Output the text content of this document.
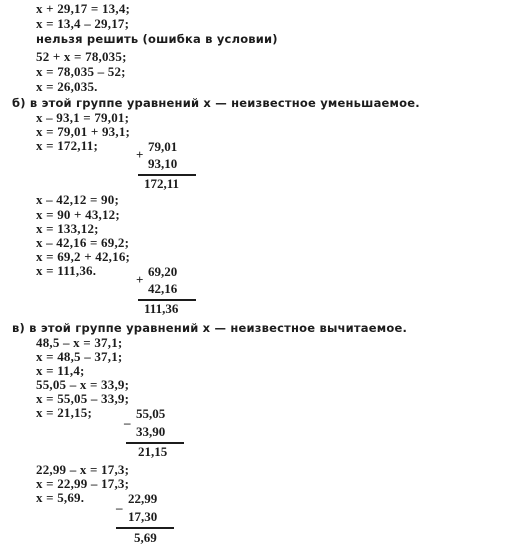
x + 29,17 = 13,4;
x = 13,4 – 29,17;
нельзя решить (ошибка в условии)
52 + x = 78,035;
x = 78,035 – 52;
x = 26,035.
б) в этой группе уравнений x — неизвестное уменьшаемое.
x – 93,1 = 79,01;
x = 79,01 + 93,1;
x = 172,11;	79,01
+
93,10
172,11
x – 42,12 = 90;
x = 90 + 43,12;
x = 133,12;
x – 42,16 = 69,2;
x = 69,2 + 42,16;
x = 111,36.	69,20
+
42,16
111,36
в) в этой группе уравнений x — неизвестное вычитаемое.
48,5 – x = 37,1;
x = 48,5 – 37,1;
x = 11,4;
55,05 – x = 33,9;
x = 55,05 – 33,9;
x = 21,15;	55,05
–
33,90
21,15
22,99 – x = 17,3;
x = 22,99 – 17,3;
x = 5,69.	22,99
–
17,30
5,69
